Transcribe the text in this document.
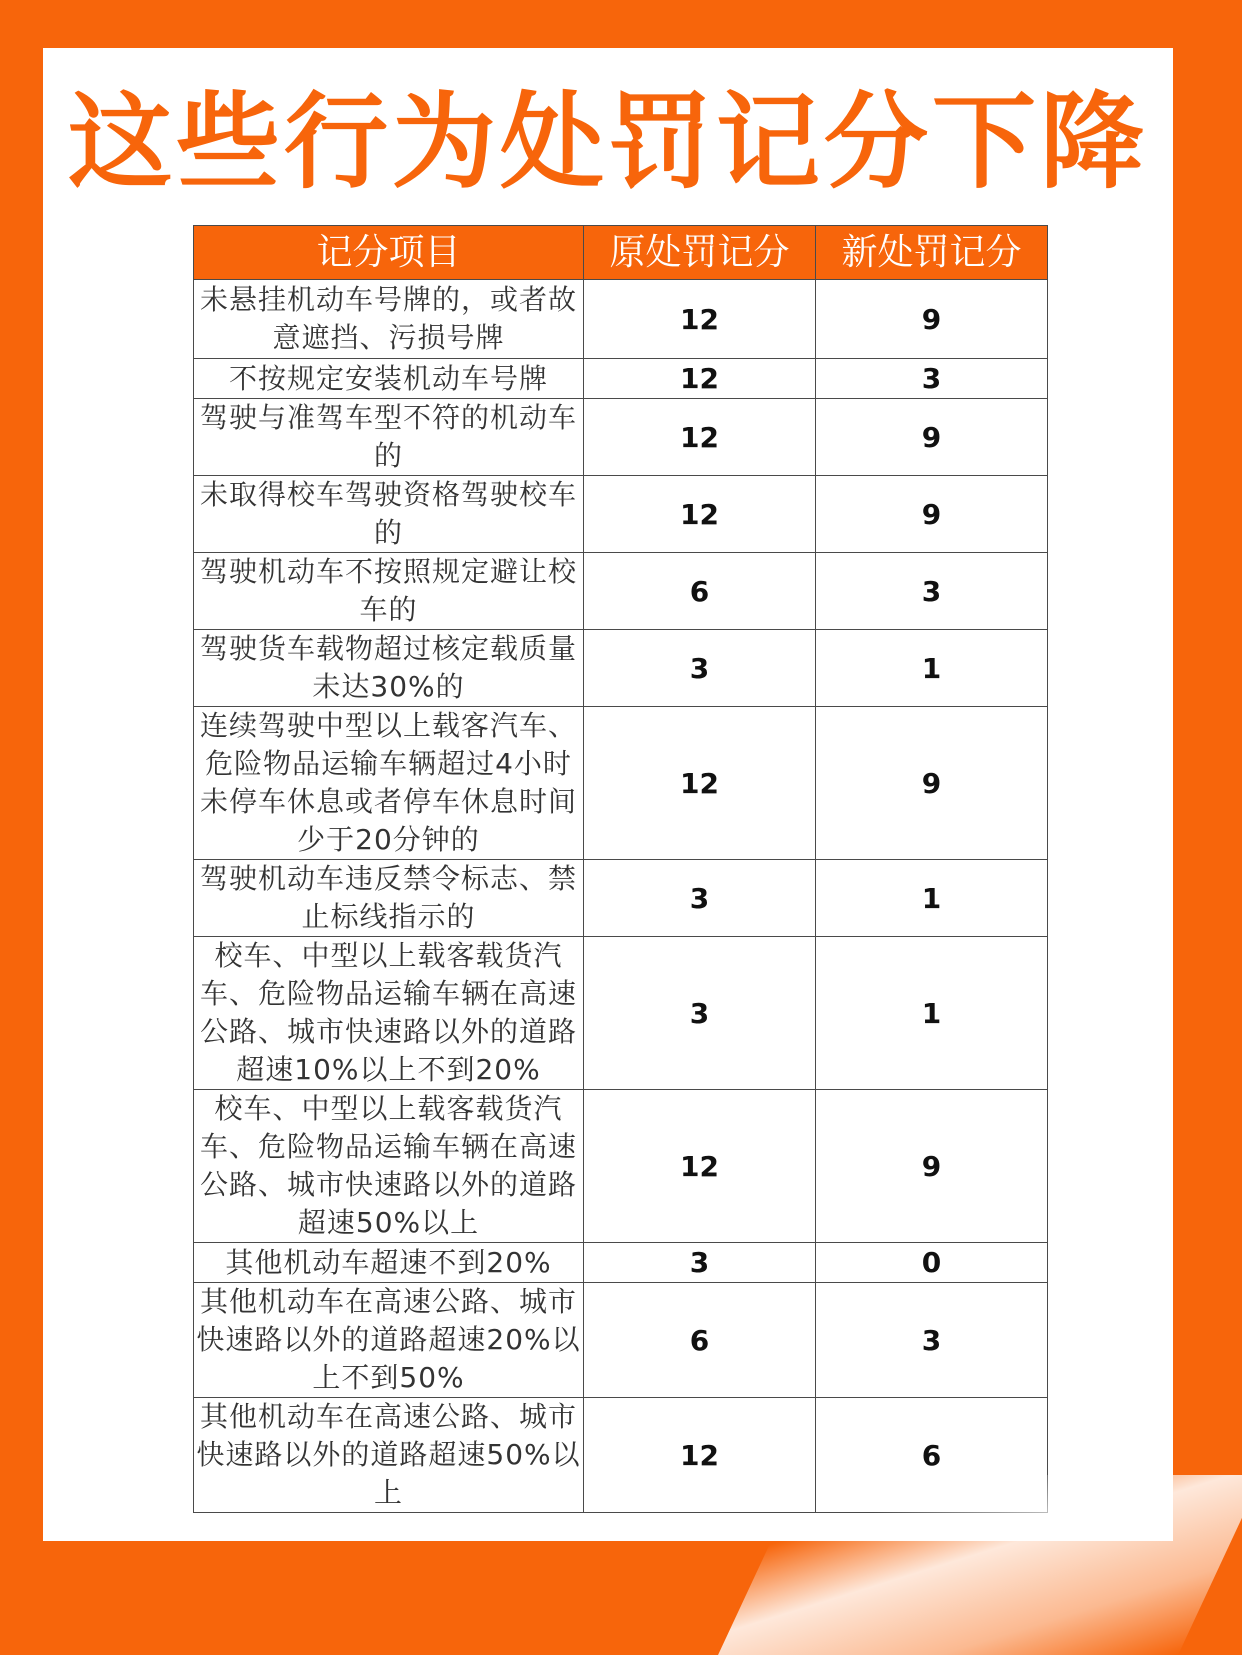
这些行为处罚记分下降
记分项目	原处罚记分	新处罚记分
未悬挂机动车号牌的，或者故意遮挡、污损号牌	12	9
不按规定安装机动车号牌	12	3
驾驶与准驾车型不符的机动车的	12	9
未取得校车驾驶资格驾驶校车的	12	9
驾驶机动车不按照规定避让校车的	6	3
驾驶货车载物超过核定载质量未达30%的	3	1
连续驾驶中型以上载客汽车、危险物品运输车辆超过4小时未停车休息或者停车休息时间少于20分钟的	12	9
驾驶机动车违反禁令标志、禁止标线指示的	3	1
校车、中型以上载客载货汽车、危险物品运输车辆在高速公路、城市快速路以外的道路超速10%以上不到20%	3	1
校车、中型以上载客载货汽车、危险物品运输车辆在高速公路、城市快速路以外的道路超速50%以上	12	9
其他机动车超速不到20%	3	0
其他机动车在高速公路、城市快速路以外的道路超速20%以上不到50%	6	3
其他机动车在高速公路、城市快速路以外的道路超速50%以上	12	6
